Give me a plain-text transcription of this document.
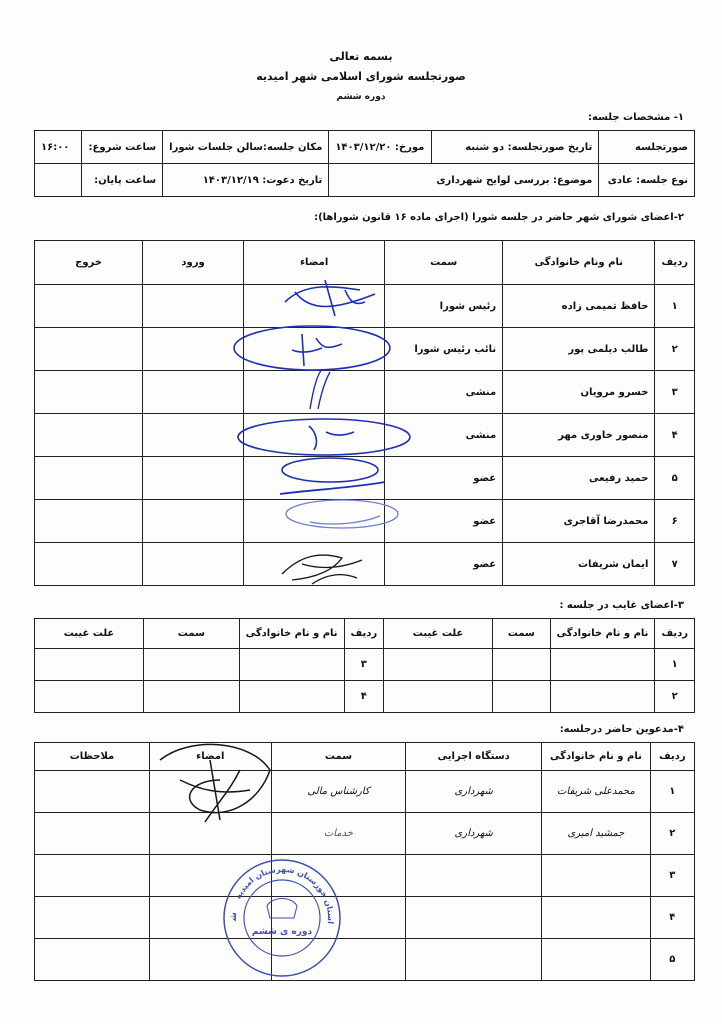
بسمه تعالی
صورتجلسه شورای اسلامی شهر امیدیه
دوره ششم
۱- مشخصات جلسه:
صورتجلسه	تاریخ صورتجلسه: دو شنبه	مورخ: ۱۴۰۳/۱۲/۲۰	مکان جلسه:سالن جلسات شورا	ساعت شروع:	۱۶:۰۰
نوع جلسه: عادی	موضوع: بررسی لوایح شهرداری		تاریخ دعوت: ۱۴۰۳/۱۲/۱۹	ساعت پایان:	
۲-اعضای شورای شهر حاضر در جلسه شورا (اجرای ماده ۱۶ قانون شوراها):
ردیف	نام ونام خانوادگی	سمت	امضاء	ورود	خروج
۱	حافظ تمیمی زاده	رئیس شورا			
۲	طالب دیلمی پور	نائب رئیس شورا			
۳	خسرو مرویان	منشی			
۴	منصور خاوری مهر	منشی			
۵	حمید رفیعی	عضو			
۶	محمدرضا آقاجری	عضو			
۷	ایمان شریفات	عضو			
۳-اعضای غایب در جلسه :
ردیف	نام و نام خانوادگی	سمت	علت غیبت	ردیف	نام و نام خانوادگی	سمت	علت غیبت
۱				۳			
۲				۴			
۴-مدعوین حاضر درجلسه:
ردیف	نام و نام خانوادگی	دستگاه اجرایی	سمت	امضاء	ملاحظات
۱	محمدعلی شریفات	شهرداری	کارشناس مالی		
۲	جمشید امیری	شهرداری	خدمات		
۳					
۴					
۵					
شورای اسلامی شهر امیدیه
استان خوزستان شهرستان امیدیه
دوره ی ششم
